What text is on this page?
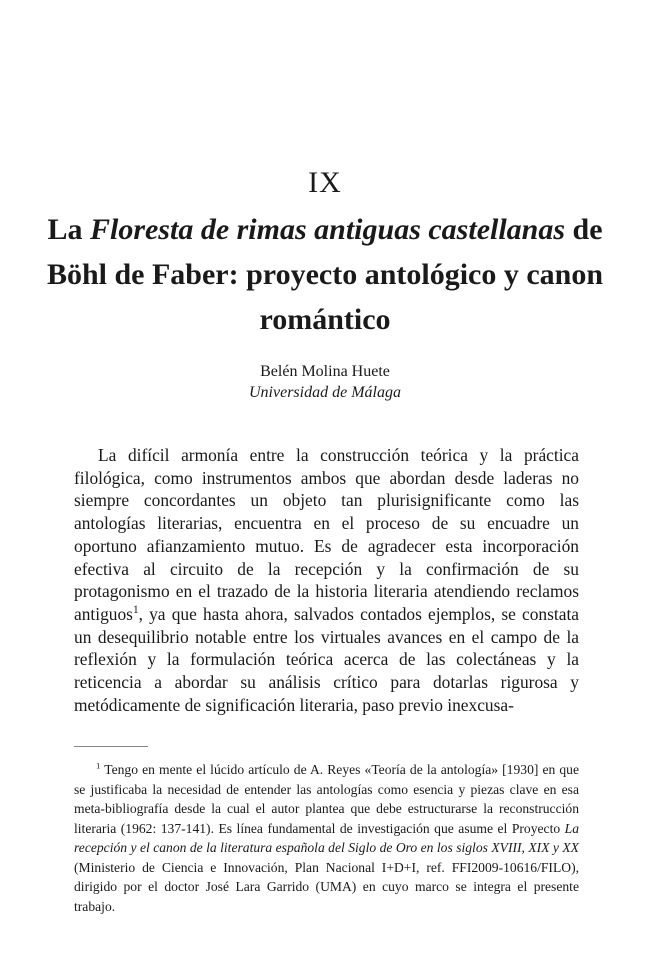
IX
La Floresta de rimas antiguas castellanas de Böhl de Faber: proyecto antológico y canon romántico
Belén Molina Huete
Universidad de Málaga
La difícil armonía entre la construcción teórica y la práctica filológica, como instrumentos ambos que abordan desde laderas no siempre concordantes un objeto tan plurisignificante como las antologías literarias, encuentra en el proceso de su encuadre un oportuno afianzamiento mutuo. Es de agradecer esta incorporación efectiva al circuito de la recepción y la confirmación de su protagonismo en el trazado de la historia literaria atendiendo reclamos antiguos$^1$, ya que hasta ahora, salvados contados ejemplos, se constata un desequilibrio notable entre los virtuales avances en el campo de la reflexión y la formulación teórica acerca de las colectáneas y la reticencia a abordar su análisis crítico para dotarlas rigurosa y metódicamente de significación literaria, paso previo inexcusa-
$^1$ Tengo en mente el lúcido artículo de A. Reyes «Teoría de la antología» [1930] en que se justificaba la necesidad de entender las antologías como esencia y piezas clave en esa meta-bibliografía desde la cual el autor plantea que debe estructurarse la reconstrucción literaria (1962: 137-141). Es línea fundamental de investigación que asume el Proyecto La recepción y el canon de la literatura española del Siglo de Oro en los siglos XVIII, XIX y XX (Ministerio de Ciencia e Innovación, Plan Nacional I+D+I, ref. FFI2009-10616/FILO), dirigido por el doctor José Lara Garrido (UMA) en cuyo marco se integra el presente trabajo.
